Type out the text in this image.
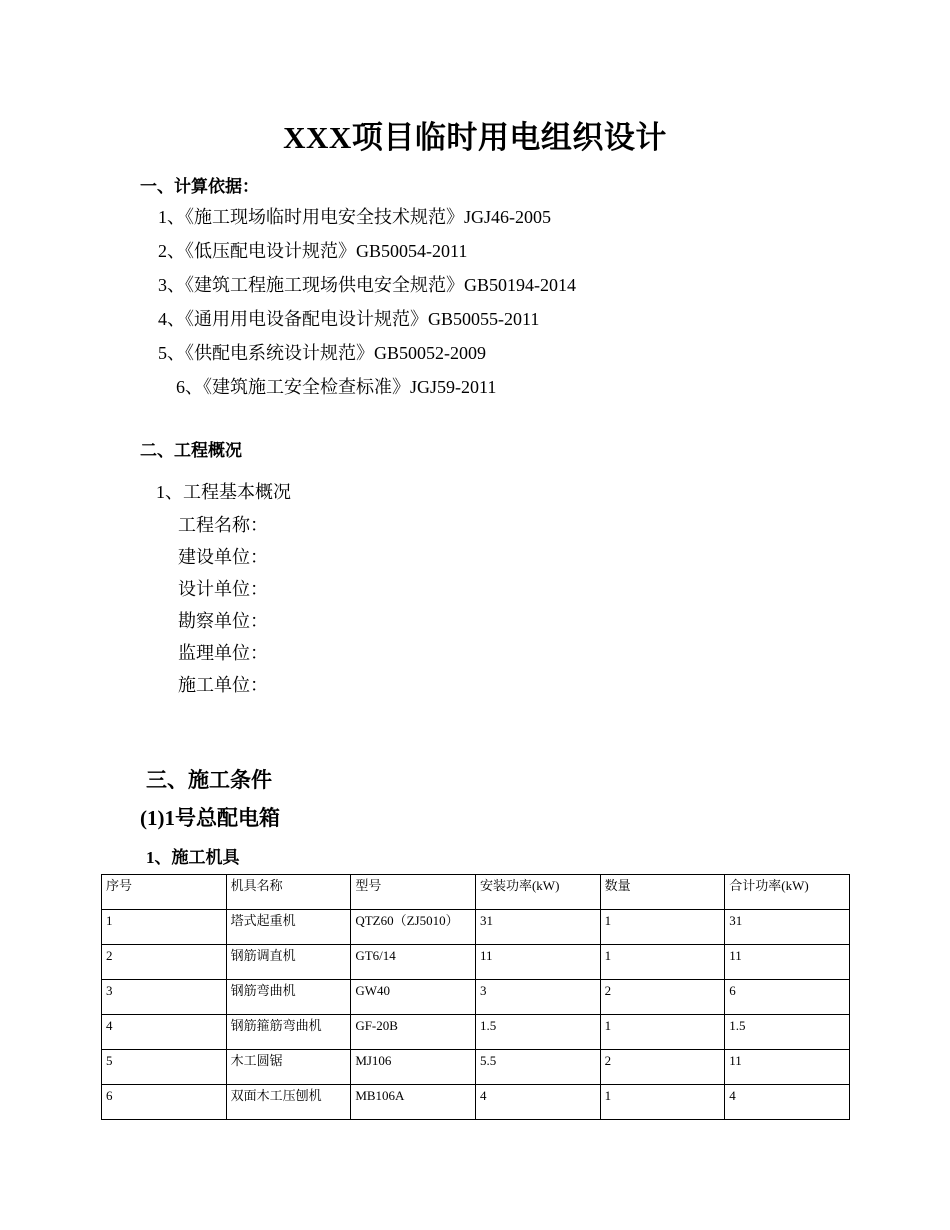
XXX项目临时用电组织设计
一、计算依据：
1、《施工现场临时用电安全技术规范》JGJ46-2005
2、《低压配电设计规范》GB50054-2011
3、《建筑工程施工现场供电安全规范》GB50194-2014
4、《通用用电设备配电设计规范》GB50055-2011
5、《供配电系统设计规范》GB50052-2009
6、《建筑施工安全检查标准》JGJ59-2011
二、工程概况
1、工程基本概况
工程名称：
建设单位：
设计单位：
勘察单位：
监理单位：
施工单位：
三、施工条件
(1)1号总配电箱
1、施工机具
序号	机具名称	型号	安装功率(kW)	数量	合计功率(kW)
1	塔式起重机	QTZ60（ZJ5010）	31	1	31
2	钢筋调直机	GT6/14	11	1	11
3	钢筋弯曲机	GW40	3	2	6
4	钢筋箍筋弯曲机	GF-20B	1.5	1	1.5
5	木工圆锯	MJ106	5.5	2	11
6	双面木工压刨机	MB106A	4	1	4
